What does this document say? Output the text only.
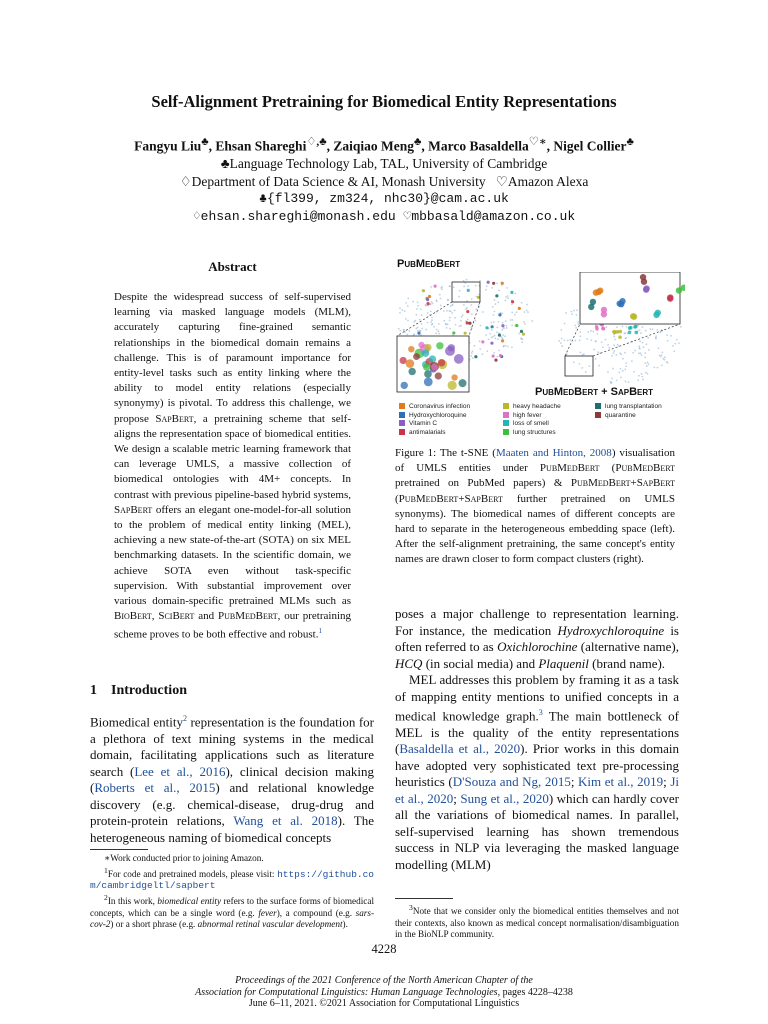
Self-Alignment Pretraining for Biomedical Entity Representations
Fangyu Liu♣, Ehsan Shareghi♢,♣, Zaiqiao Meng♣, Marco Basaldella♡∗, Nigel Collier♣
♣Language Technology Lab, TAL, University of Cambridge
♢Department of Data Science & AI, Monash University ♡Amazon Alexa
♣{fl399, zm324, nhc30}@cam.ac.uk
♢ehsan.shareghi@monash.edu ♡mbbasald@amazon.co.uk
Abstract
Despite the widespread success of self-supervised learning via masked language models (MLM), accurately capturing fine-grained semantic relationships in the biomedical domain remains a challenge. This is of paramount importance for entity-level tasks such as entity linking where the ability to model entity relations (especially synonymy) is pivotal. To address this challenge, we propose SapBert, a pretraining scheme that self-aligns the representation space of biomedical entities. We design a scalable metric learning framework that can leverage UMLS, a massive collection of biomedical ontologies with 4M+ concepts. In contrast with previous pipeline-based hybrid systems, SapBert offers an elegant one-model-for-all solution to the problem of medical entity linking (MEL), achieving a new state-of-the-art (SOTA) on six MEL benchmarking datasets. In the scientific domain, we achieve SOTA even without task-specific supervision. With substantial improvement over various domain-specific pretrained MLMs such as BioBert, SciBert and PubMedBert, our pretraining scheme proves to be both effective and robust.$^1$
1 Introduction
Biomedical entity$^2$ representation is the foundation for a plethora of text mining systems in the medical domain, facilitating applications such as literature search (Lee et al., 2016), clinical decision making (Roberts et al., 2015) and relational knowledge discovery (e.g. chemical-disease, drug-drug and protein-protein relations, Wang et al. 2018). The heterogeneous naming of biomedical concepts
∗Work conducted prior to joining Amazon.
$^1$For code and pretrained models, please visit: https://github.com/cambridgeltl/sapbert
$^2$In this work, biomedical entity refers to the surface forms of biomedical concepts, which can be a single word (e.g. fever), a compound (e.g. sars-cov-2) or a short phrase (e.g. abnormal retinal vascular development).
PubMedBert
PubMedBert + SapBert
Coronavirus infection
Hydroxychloroquine
Vitamin C
antimalarials
heavy headache
high fever
loss of smell
lung structures
lung transplantation
quarantine
Figure 1: The t-SNE (Maaten and Hinton, 2008) visualisation of UMLS entities under PubMedBert (PubMedBert pretrained on PubMed papers) & PubMedBert+SapBert (PubMedBert+SapBert further pretrained on UMLS synonyms). The biomedical names of different concepts are hard to separate in the heterogeneous embedding space (left). After the self-alignment pretraining, the same concept's entity names are drawn closer to form compact clusters (right).
poses a major challenge to representation learning. For instance, the medication Hydroxychloroquine is often referred to as Oxichlorochine (alternative name), HCQ (in social media) and Plaquenil (brand name).
MEL addresses this problem by framing it as a task of mapping entity mentions to unified concepts in a medical knowledge graph.$^3$ The main bottleneck of MEL is the quality of the entity representations (Basaldella et al., 2020). Prior works in this domain have adopted very sophisticated text pre-processing heuristics (D'Souza and Ng, 2015; Kim et al., 2019; Ji et al., 2020; Sung et al., 2020) which can hardly cover all the variations of biomedical names. In parallel, self-supervised learning has shown tremendous success in NLP via leveraging the masked language modelling (MLM)
$^3$Note that we consider only the biomedical entities themselves and not their contexts, also known as medical concept normalisation/disambiguation in the BioNLP community.
4228
Proceedings of the 2021 Conference of the North American Chapter of the
Association for Computational Linguistics: Human Language Technologies, pages 4228–4238
June 6–11, 2021. ©2021 Association for Computational Linguistics
